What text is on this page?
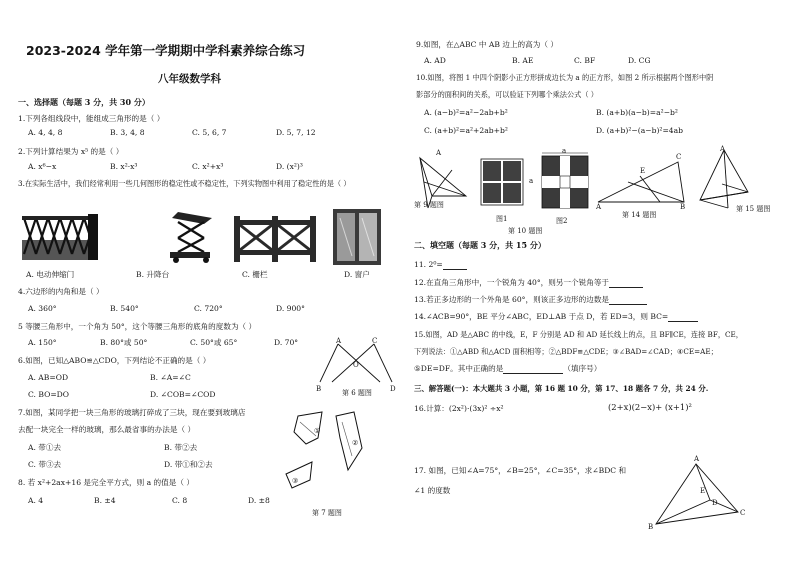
2023-2024 学年第一学期期中学科素养综合练习
八年级数学科
一、选择题（每题 3 分，共 30 分）
1.下列各组线段中，能组成三角形的是（ ）
A. 4, 4, 8	B. 3, 4, 8	C. 5, 6, 7	D. 5, 7, 12
2.下列计算结果为 x⁵ 的是（ ）
A. x⁶−x	B. x²·x³	C. x²+x³	D. (x²)³
3.在实际生活中，我们经常利用一些几何图形的稳定性或不稳定性，下列实物图中利用了稳定性的是（ ）
A. 电动伸缩门	B. 升降台	C. 栅栏	D. 窗户
4.六边形的内角和是（ ）
A. 360°	B. 540°	C. 720°	D. 900°
5 等腰三角形中，一个角为 50°，这个等腰三角形的底角的度数为（ ）
A. 150°	B. 80°或 50°	C. 50°或 65°	D. 70°
6.如图，已知△ABO≌△CDO，下列结论不正确的是（ ）
A. AB=OD	B. ∠A=∠C
C. BO=DO	D. ∠COB=∠COD
A	C
O
B	D
第 6 题图
7.如图，某同学把一块三角形的玻璃打碎成了三块，现在要到玻璃店
去配一块完全一样的玻璃，那么最省事的办法是（ ）
A. 带①去	B. 带②去
C. 带③去	D. 带①和②去
①
②
③
第 7 题图
8. 若 x²+2ax+16 是完全平方式，则 a 的值是（ ）
A. 4	B. ±4	C. 8	D. ±8
9.如图，在△ABC 中 AB 边上的高为（ ）
A. AD	B. AE	C. BF	D. CG
10.如图，将图 1 中四个阴影小正方形拼成边长为 a 的正方形，如图 2 所示根据两个图形中阴
影部分的面积间的关系，可以验证下列哪个乘法公式（ ）
A. (a−b)²=a²−2ab+b²	B. (a+b)(a−b)=a²−b²
C. (a+b)²=a²+2ab+b²	D. (a+b)²−(a−b)²=4ab
A
第 9 题图
图1
a
a
图2
第 10 题图
C
A	B
E
第 14 题图
A
第 15 题图
二、填空题（每题 3 分，共 15 分）
11. 2⁰=
12.在直角三角形中，一个锐角为 40°，则另一个锐角等于
13.若正多边形的一个外角是 60°，则该正多边形的边数是
14.∠ACB=90°，BE 平分∠ABC，ED⊥AB 于点 D，若 ED=3，则 BC=
15.如图，AD 是△ABC 的中线，E，F 分别是 AD 和 AD 延长线上的点，且 BF∥CE，连接 BF，CE，
下列说法：①△ABD 和△ACD 面积相等；②△BDF≌△CDE；③∠BAD=∠CAD；④CE=AE；
⑤DE=DF。其中正确的是	（填序号）
三、解答题(一)：本大题共 3 小题，第 16 题 10 分，第 17、18 题各 7 分，共 24 分.
16.计算：(2x²)·(3x)² ÷x²	(2+x)(2−x)+ (x+1)²
17. 如图，已知∠A=75°，∠B=25°，∠C=35°，求∠BDC 和
∠1 的度数
A
B
C
D
E
